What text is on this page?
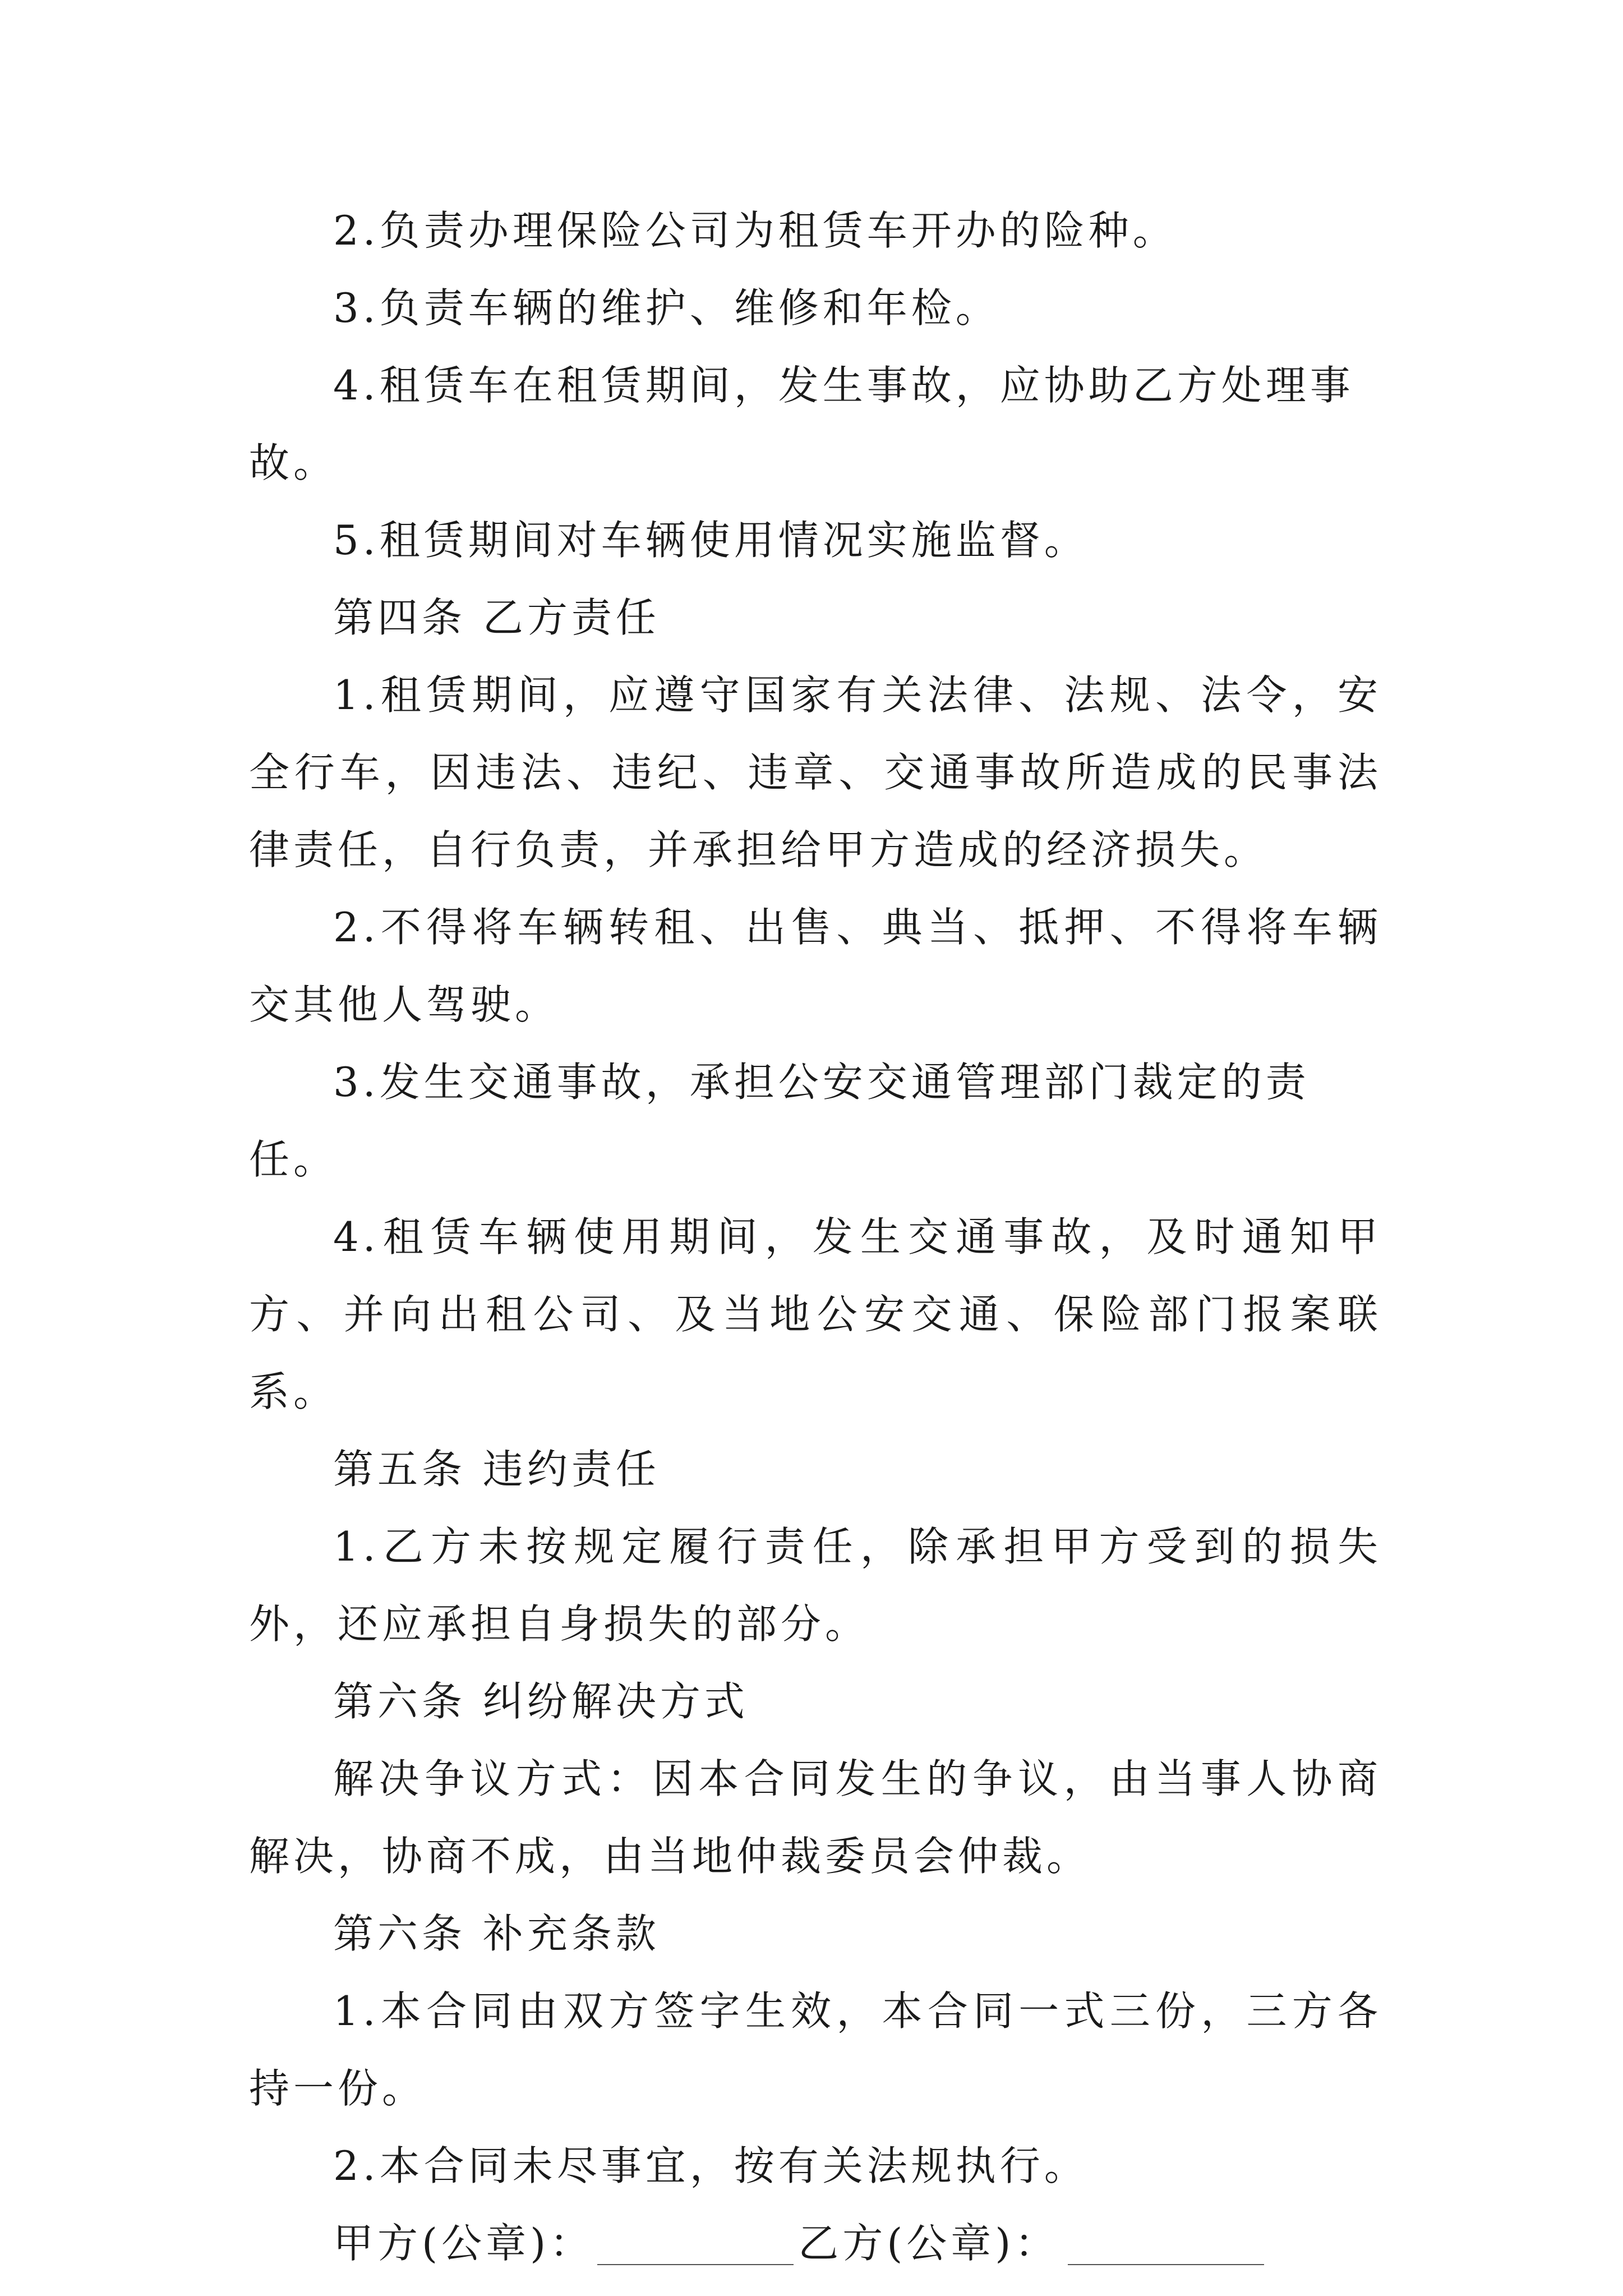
2.负责办理保险公司为租赁车开办的险种。

3.负责车辆的维护、维修和年检。

4.租赁车在租赁期间，发生事故，应协助乙方处理事故。

5.租赁期间对车辆使用情况实施监督。

第四条 乙方责任

1.租赁期间，应遵守国家有关法律、法规、法令，安全行车，因违法、违纪、违章、交通事故所造成的民事法律责任，自行负责，并承担给甲方造成的经济损失。

2.不得将车辆转租、出售、典当、抵押、不得将车辆交其他人驾驶。

3.发生交通事故，承担公安交通管理部门裁定的责任。

4.租赁车辆使用期间，发生交通事故，及时通知甲方、并向出租公司、及当地公安交通、保险部门报案联系。

第五条 违约责任

1.乙方未按规定履行责任，除承担甲方受到的损失外，还应承担自身损失的部分。

第六条 纠纷解决方式

解决争议方式：因本合同发生的争议，由当事人协商解决，协商不成，由当地仲裁委员会仲裁。

第六条 补充条款

1.本合同由双方签字生效，本合同一式三份，三方各持一份。

2.本合同未尽事宜，按有关法规执行。

甲方(公章)：	乙方(公章)：
